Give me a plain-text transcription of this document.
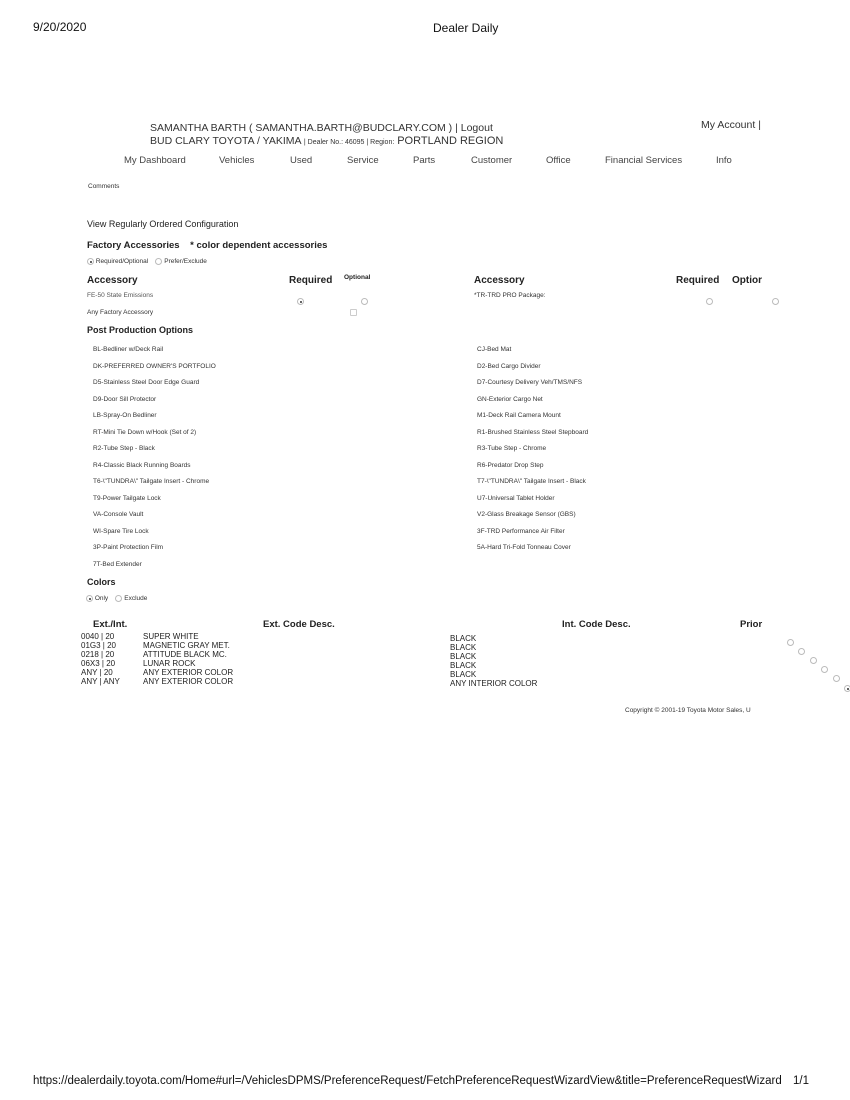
9/20/2020	Dealer Daily
SAMANTHA BARTH ( SAMANTHA.BARTH@BUDCLARY.COM ) | Logout
BUD CLARY TOYOTA / YAKIMA | Dealer No.: 46095 | Region: PORTLAND REGION
My Account |
My Dashboard	Vehicles	Used	Service	Parts	Customer	Office	Financial Services	Info
Comments
View Regularly Ordered Configuration
Factory Accessories * color dependent accessories
Required/Optional Prefer/Exclude
Accessory	Required Optional	Accessory	Required Optior
FE-50 State Emissions

Any Factory Accessory
*TR-TRD PRO Package:

Post Production Options
BL-Bedliner w/Deck Rail
DK-PREFERRED OWNER'S PORTFOLIO
D5-Stainless Steel Door Edge Guard
D9-Door Sill Protector
LB-Spray-On Bedliner
RT-Mini Tie Down w/Hook (Set of 2)
R2-Tube Step - Black
R4-Classic Black Running Boards
T6-\"TUNDRA\" Tailgate Insert - Chrome
T9-Power Tailgate Lock
VA-Console Vault
WI-Spare Tire Lock
3P-Paint Protection Film
7T-Bed Extender
CJ-Bed Mat
D2-Bed Cargo Divider
D7-Courtesy Delivery Veh/TMS/NFS
GN-Exterior Cargo Net
M1-Deck Rail Camera Mount
R1-Brushed Stainless Steel Stepboard
R3-Tube Step - Chrome
R6-Predator Drop Step
T7-\"TUNDRA\" Tailgate Insert - Black
U7-Universal Tablet Holder
V2-Glass Breakage Sensor (GBS)
3F-TRD Performance Air Filter
5A-Hard Tri-Fold Tonneau Cover
Colors
Only Exclude
Ext./Int.	Ext. Code Desc.	Int. Code Desc.	Prior
0040 | 20	SUPER WHITE	BLACK

01G3 | 20	MAGNETIC GRAY MET.	BLACK

0218 | 20	ATTITUDE BLACK MC.	BLACK

06X3 | 20	LUNAR ROCK	BLACK

ANY | 20	ANY EXTERIOR COLOR	BLACK

ANY | ANY	ANY EXTERIOR COLOR	ANY INTERIOR COLOR
Copyright © 2001-19 Toyota Motor Sales, U
https://dealerdaily.toyota.com/Home#url=/VehiclesDPMS/PreferenceRequest/FetchPreferenceRequestWizardView&title=PreferenceRequestWizard 1/1
